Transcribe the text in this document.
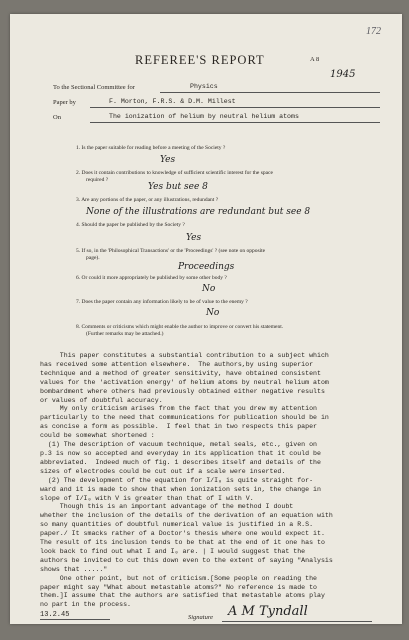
172
A 8
REFEREE'S REPORT
1945
To the Sectional Committee for	Physics
Paper by	F. Morton, F.R.S. & D.M. Millest
On	The ionization of helium by neutral helium atoms
1. Is the paper suitable for reading before a meeting of the Society ?
Yes
2. Does it contain contributions to knowledge of sufficient scientific interest for the space
required ?
Yes but see 8
3. Are any portions of the paper, or any illustrations, redundant ?
None of the illustrations are redundant but see 8
4. Should the paper be published by the Society ?
Yes
5. If so, in the 'Philosophical Transactions' or the 'Proceedings' ? (see note on opposite
page).
Proceedings
6. Or could it more appropriately be published by some other body ?
No
7. Does the paper contain any information likely to be of value to the enemy ?
No
8. Comments or criticisms which might enable the author to improve or convert his statement.
(Further remarks may be attached.)
This paper constitutes a substantial contribution to a subject which
has received some attention elsewhere.  The authors,by using superior
technique and a method of greater sensitivity, have obtained consistent
values for the 'activation energy' of helium atoms by neutral helium atom
bombardment where others had previously obtained either negative results
or values of doubtful accuracy.
My only criticism arises from the fact that you drew my attention
particularly to the need that communications for publication should be in
as concise a form as possible.  I feel that in two respects this paper
could be somewhat shortened :
(1) The description of vacuum technique, metal seals, etc., given on
p.3 is now so accepted and everyday in its application that it could be
abbreviated.  Indeed much of fig. 1 describes itself and details of the
sizes of electrodes could be cut out if a scale were inserted.
(2) The development of the equation for I/I₀ is quite straight for-
ward and it is made to show that when ionization sets in, the change in
slope of I/I₀ with V is greater than that of I with V.
Though this is an important advantage of the method I doubt
whether the inclusion of the details of the derivation of an equation with
so many quantities of doubtful numerical value is justified in a R.S.
paper./ It smacks rather of a Doctor's thesis where one would expect it.
The result of its inclusion tends to be that at the end of it one has to
look back to find out what I and I₀ are. | I would suggest that the
authors be invited to cut this down even to the extent of saying "Analysis
shows that ....."
One other point, but not of criticism.[Some people on reading the
paper might say "What about metastable atoms?" No reference is made to
them.]I assume that the authors are satisfied that metastable atoms play
no part in the process.
13.2.45	Signature A M Tyndall
